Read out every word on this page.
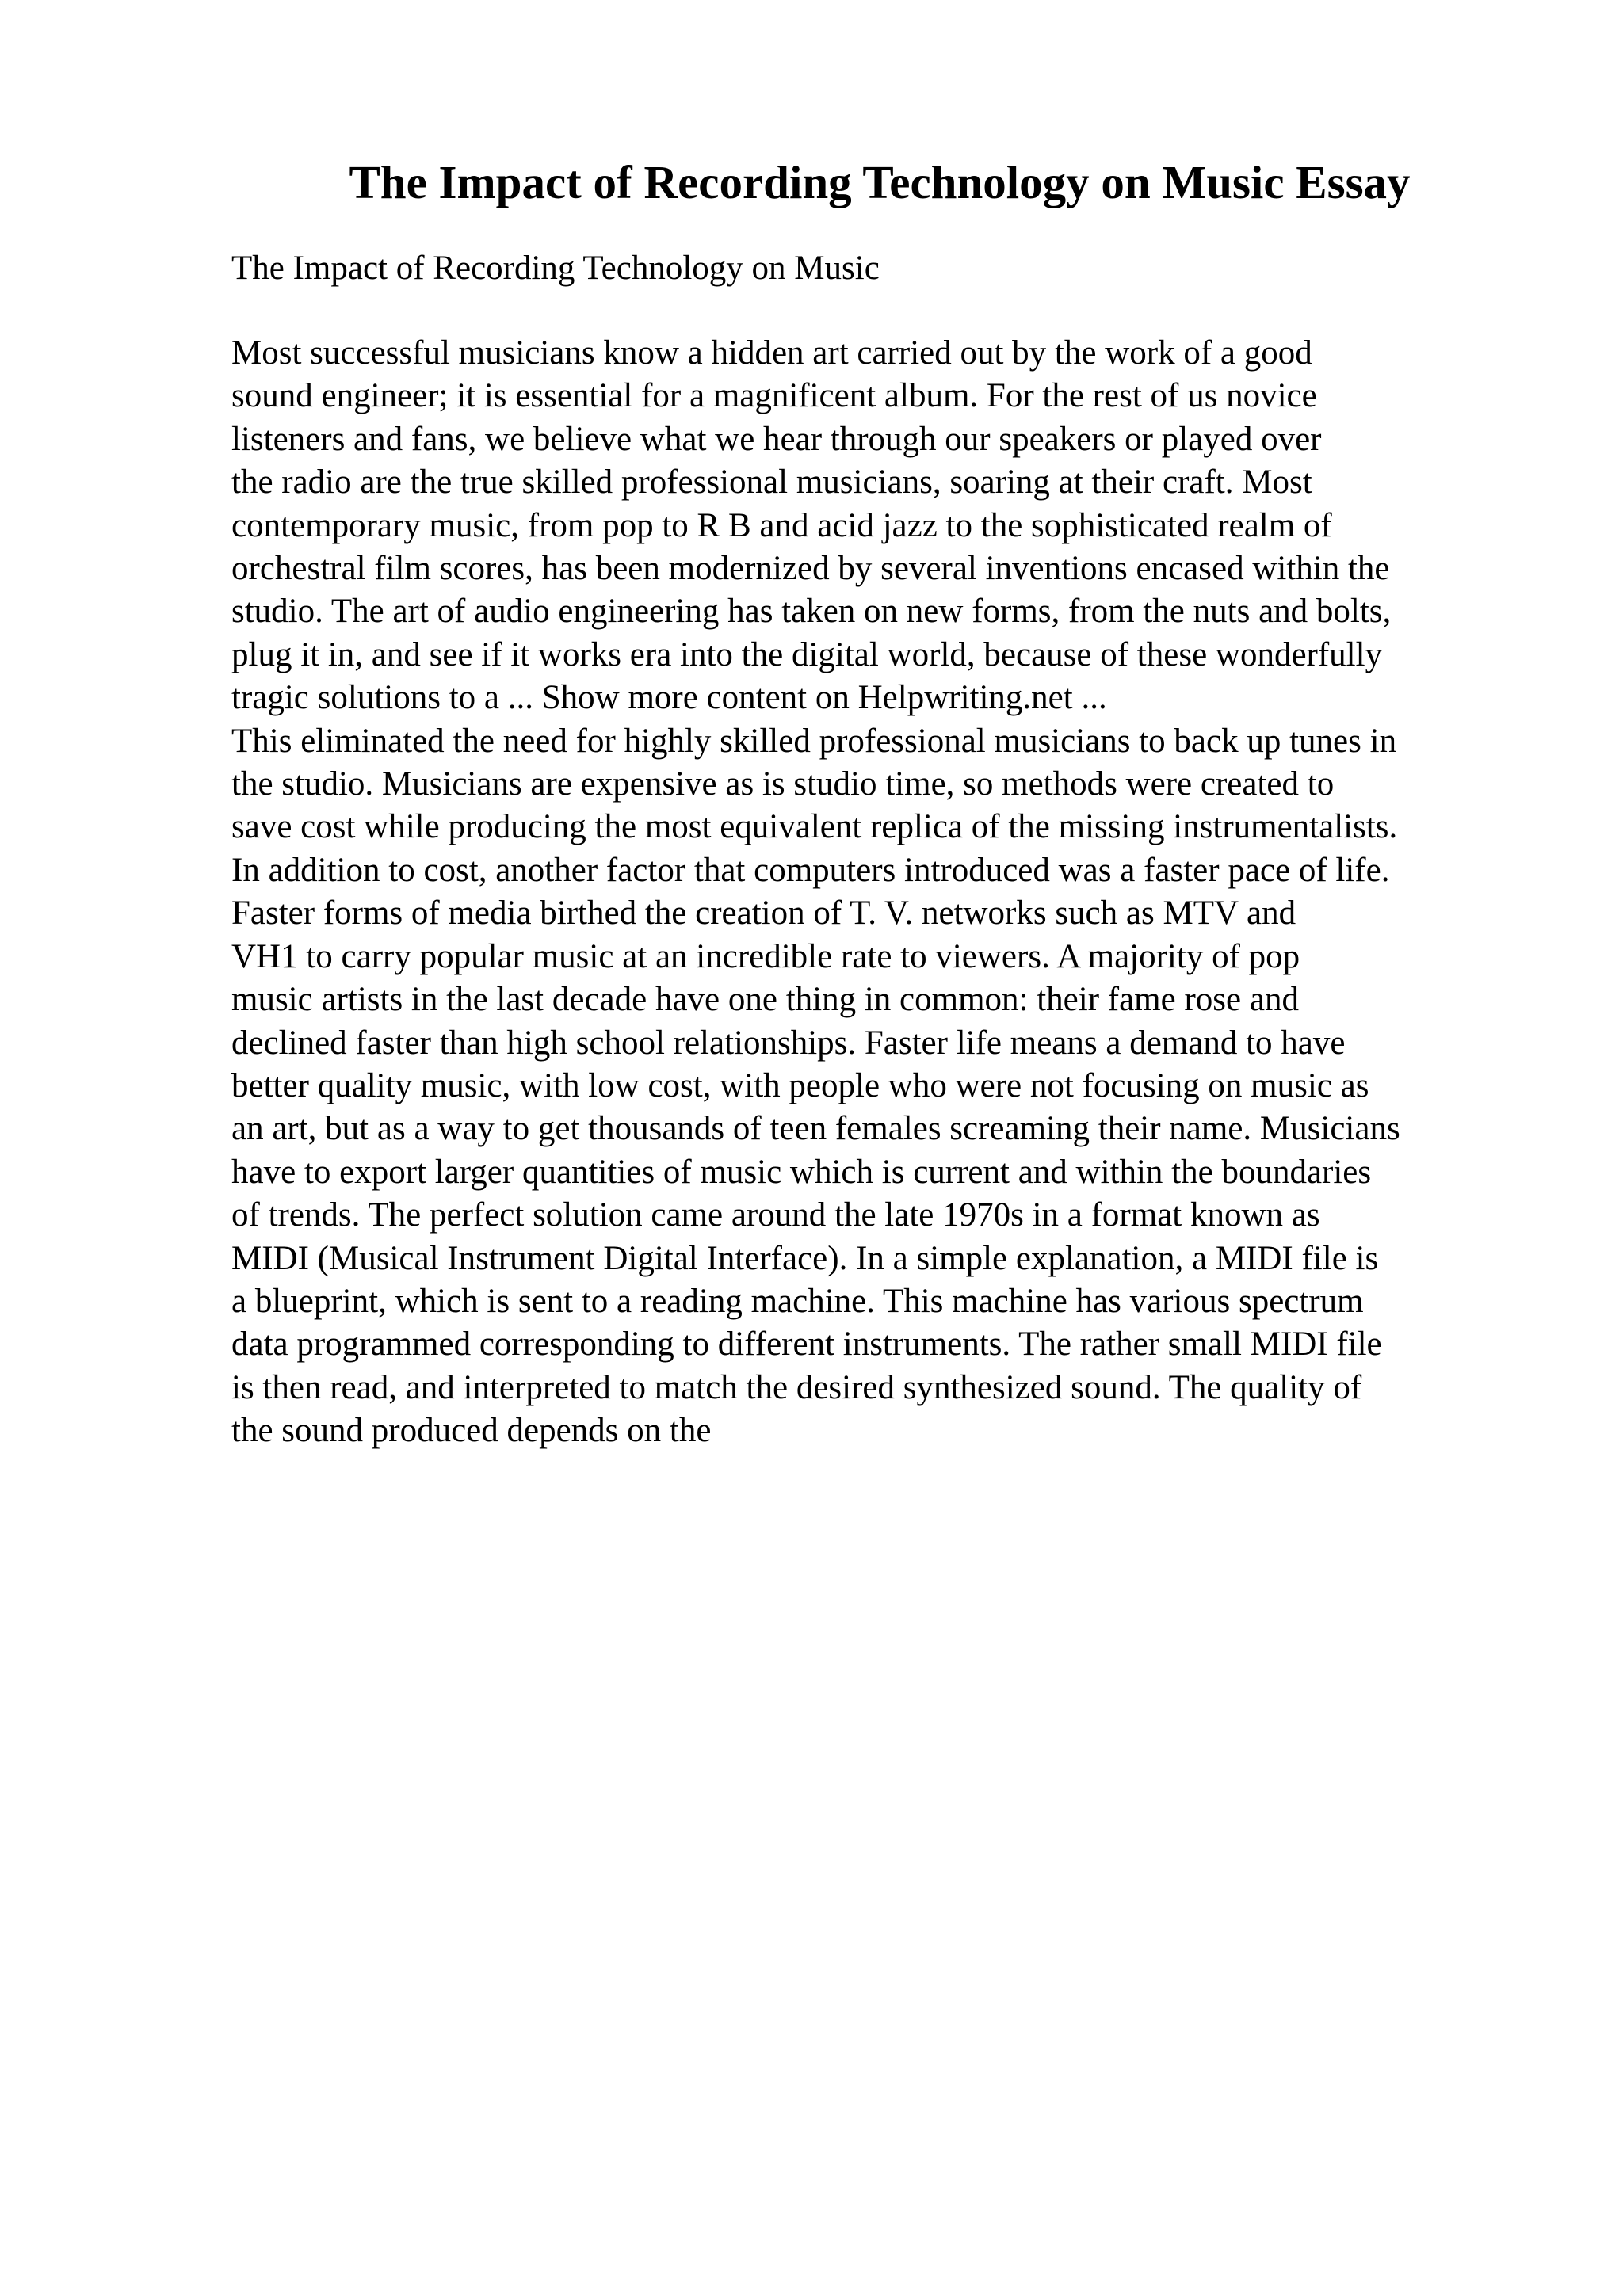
The Impact of Recording Technology on Music Essay

The Impact of Recording Technology on Music

Most successful musicians know a hidden art carried out by the work of a good
sound engineer; it is essential for a magnificent album. For the rest of us novice
listeners and fans, we believe what we hear through our speakers or played over
the radio are the true skilled professional musicians, soaring at their craft. Most
contemporary music, from pop to R B and acid jazz to the sophisticated realm of
orchestral film scores, has been modernized by several inventions encased within the
studio. The art of audio engineering has taken on new forms, from the nuts and bolts,
plug it in, and see if it works era into the digital world, because of these wonderfully
tragic solutions to a ... Show more content on Helpwriting.net ...
This eliminated the need for highly skilled professional musicians to back up tunes in
the studio. Musicians are expensive as is studio time, so methods were created to
save cost while producing the most equivalent replica of the missing instrumentalists.
In addition to cost, another factor that computers introduced was a faster pace of life.
Faster forms of media birthed the creation of T. V. networks such as MTV and
VH1 to carry popular music at an incredible rate to viewers. A majority of pop
music artists in the last decade have one thing in common: their fame rose and
declined faster than high school relationships. Faster life means a demand to have
better quality music, with low cost, with people who were not focusing on music as
an art, but as a way to get thousands of teen females screaming their name. Musicians
have to export larger quantities of music which is current and within the boundaries
of trends. The perfect solution came around the late 1970s in a format known as
MIDI (Musical Instrument Digital Interface). In a simple explanation, a MIDI file is
a blueprint, which is sent to a reading machine. This machine has various spectrum
data programmed corresponding to different instruments. The rather small MIDI file
is then read, and interpreted to match the desired synthesized sound. The quality of
the sound produced depends on the
